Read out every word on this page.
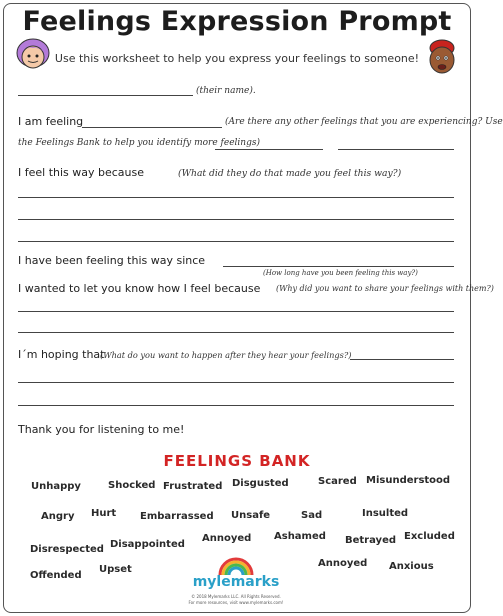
Feelings Expression Prompt
Use this worksheet to help you express your feelings to someone!
(their name).
I am feeling	(Are there any other feelings that you are experiencing? Use
the Feelings Bank to help you identify more feelings)
I feel this way because	(What did they do that made you feel this way?)
I have been feeling this way since
(How long have you been feeling this way?)
I wanted to let you know how I feel because (Why did you want to share your feelings with them?)
I´m hoping that
(What do you want to happen after they hear your feelings?)
Thank you for listening to me!
FEELINGS BANK
Unhappy	Shocked Frustrated Disgusted	Scared Misunderstood
Angry Hurt Embarrassed Unsafe	Sad	Insulted
Disrespected Disappointed
Annoyed Ashamed Betrayed Excluded
Offended
Upset
Annoyed Anxious
mylemarks
© 2018 Mylemarks LLC. All Rights Reserved.
For more resources, visit www.mylemarks.com!
